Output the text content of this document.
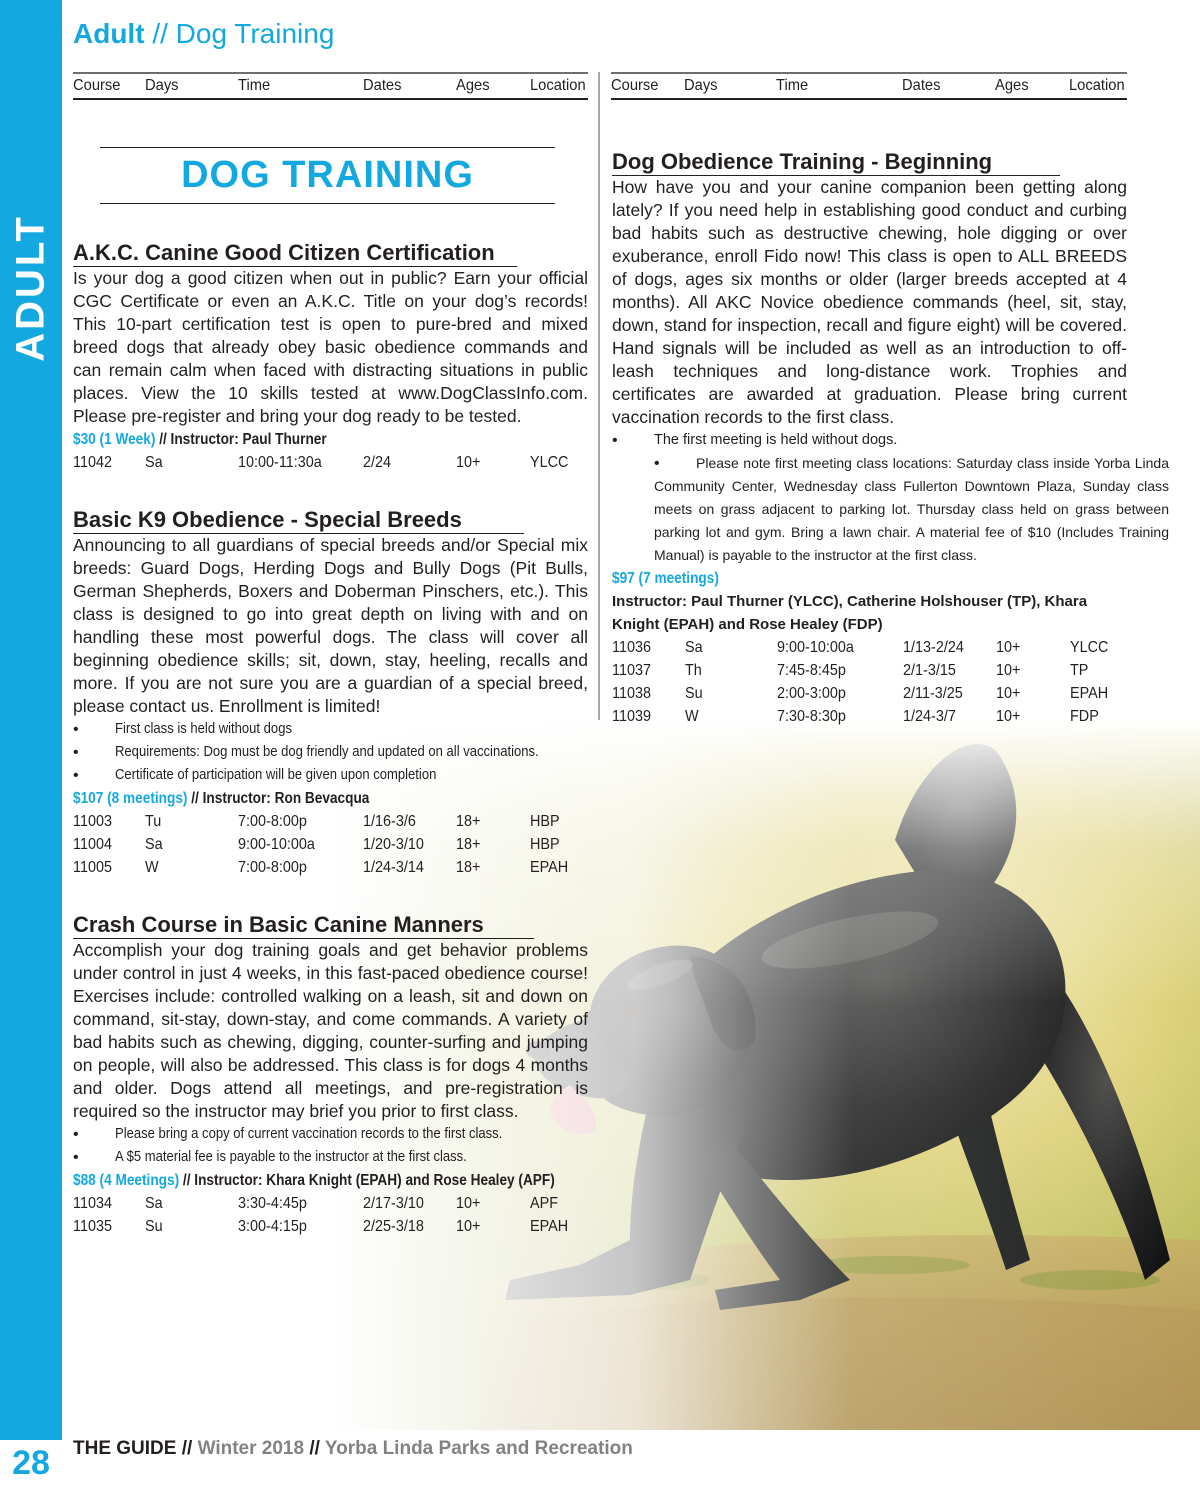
ADULT
28
Adult // Dog Training
Course Days	Time	Dates	Ages	Location Course Days	Time	Dates	Ages	Location
DOG TRAINING
A.K.C. Canine Good Citizen Certification
Is your dog a good citizen when out in public? Earn your official CGC Certificate or even an A.K.C. Title on your dog’s records! This 10-part certification test is open to pure-bred and mixed breed dogs that already obey basic obedience commands and can remain calm when faced with distracting situations in public places. View the 10 skills tested at www.DogClassInfo.com. Please pre-register and bring your dog ready to be tested.
$30 (1 Week) // Instructor: Paul Thurner
11042 Sa	10:00-11:30a	2/24	10+	YLCC
Basic K9 Obedience - Special Breeds
Announcing to all guardians of special breeds and/or Special mix breeds: Guard Dogs, Herding Dogs and Bully Dogs (Pit Bulls, German Shepherds, Boxers and Doberman Pinschers, etc.). This class is designed to go into great depth on living with and on handling these most powerful dogs. The class will cover all beginning obedience skills; sit, down, stay, heeling, recalls and more. If you are not sure you are a guardian of a special breed, please contact us. Enrollment is limited!
• First class is held without dogs
• Requirements: Dog must be dog friendly and updated on all vaccinations.
• Certificate of participation will be given upon completion
$107 (8 meetings) // Instructor: Ron Bevacqua
11003 Tu	7:00-8:00p	1/16-3/6	18+	HBP
11004 Sa	9:00-10:00a	1/20-3/10 18+	HBP
11005 W	7:00-8:00p	1/24-3/14 18+	EPAH
Crash Course in Basic Canine Manners
Accomplish your dog training goals and get behavior problems under control in just 4 weeks, in this fast-paced obedience course! Exercises include: controlled walking on a leash, sit and down on command, sit-stay, down-stay, and come commands. A variety of bad habits such as chewing, digging, counter-surfing and jumping on people, will also be addressed. This class is for dogs 4 months and older. Dogs attend all meetings, and pre-registration is required so the instructor may brief you prior to first class.
• Please bring a copy of current vaccination records to the first class.
• A $5 material fee is payable to the instructor at the first class.
$88 (4 Meetings) // Instructor: Khara Knight (EPAH) and Rose Healey (APF)
11034 Sa	3:30-4:45p	2/17-3/10 10+	APF
11035 Su	3:00-4:15p	2/25-3/18 10+	EPAH
Dog Obedience Training - Beginning
How have you and your canine companion been getting along lately? If you need help in establishing good conduct and curbing bad habits such as destructive chewing, hole digging or over exuberance, enroll Fido now! This class is open to ALL BREEDS of dogs, ages six months or older (larger breeds accepted at 4 months). All AKC Novice obedience commands (heel, sit, stay, down, stand for inspection, recall and figure eight) will be covered. Hand signals will be included as well as an introduction to off-leash techniques and long-distance work. Trophies and certificates are awarded at graduation. Please bring current vaccination records to the first class.
• The first meeting is held without dogs.
• Please note first meeting class locations: Saturday class inside Yorba Linda Community Center, Wednesday class Fullerton Downtown Plaza, Sunday class meets on grass adjacent to parking lot. Thursday class held on grass between parking lot and gym. Bring a lawn chair. A material fee of $10 (Includes Training Manual) is payable to the instructor at the first class.
$97 (7 meetings)
Instructor: Paul Thurner (YLCC), Catherine Holshouser (TP), Khara Knight (EPAH) and Rose Healey (FDP)
11036 Sa	9:00-10:00a	1/13-2/24 10+	YLCC
11037 Th	7:45-8:45p	2/1-3/15	10+	TP
11038 Su	2:00-3:00p	2/11-3/25 10+	EPAH
11039 W	7:30-8:30p	1/24-3/7	10+	FDP
THE GUIDE // Winter 2018 // Yorba Linda Parks and Recreation
